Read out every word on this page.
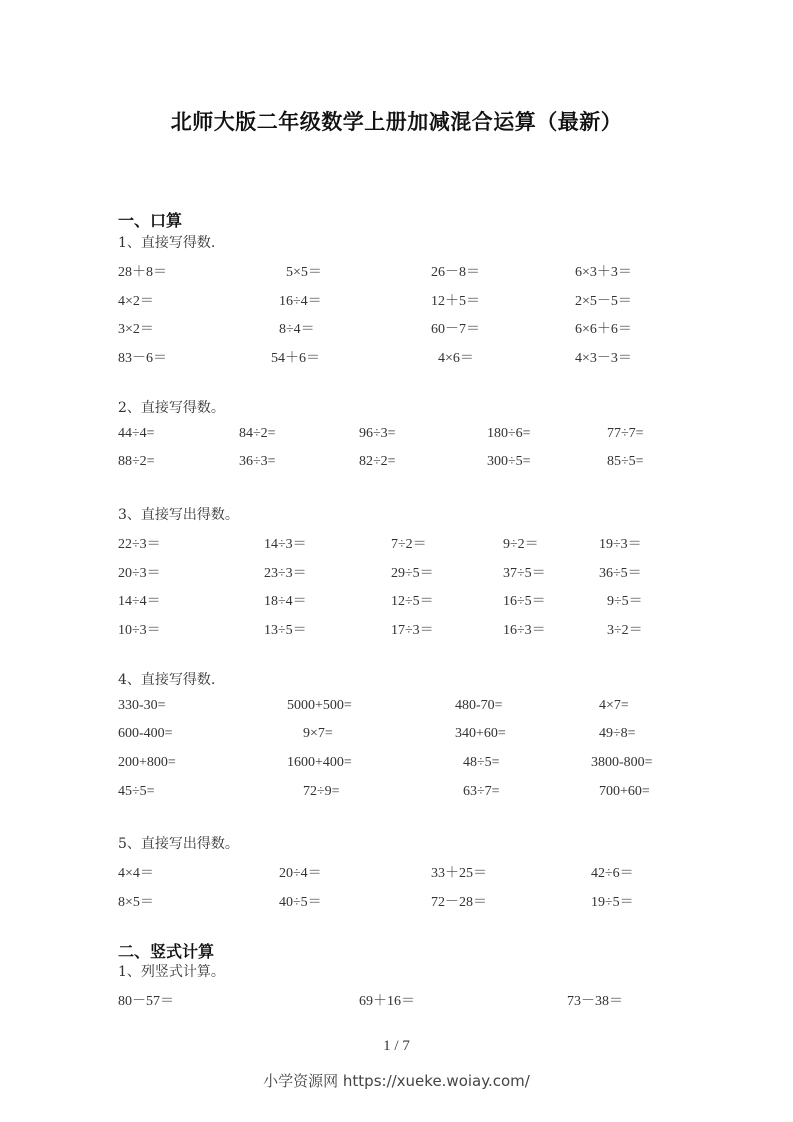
北师大版二年级数学上册加减混合运算（最新）
一、口算
1、直接写得数.
28＋8＝	5×5＝	26－8＝	6×3＋3＝
4×2＝	16÷4＝	12＋5＝	2×5－5＝
3×2＝	8÷4＝	60－7＝	6×6＋6＝
83－6＝	54＋6＝	4×6＝	4×3－3＝
2、直接写得数。
44÷4=	84÷2=	96÷3=	180÷6=	77÷7=
88÷2=	36÷3=	82÷2=	300÷5=	85÷5=
3、直接写出得数。
22÷3＝	14÷3＝	7÷2＝	9÷2＝	19÷3＝
20÷3＝	23÷3＝	29÷5＝	37÷5＝	36÷5＝
14÷4＝	18÷4＝	12÷5＝	16÷5＝	9÷5＝
10÷3＝	13÷5＝	17÷3＝	16÷3＝	3÷2＝
4、直接写得数.
330-30=	5000+500=	480-70=	4×7=
600-400=	9×7=	340+60=	49÷8=
200+800=	1600+400=	48÷5=	3800-800=
45÷5=	72÷9=	63÷7=	700+60=
5、直接写出得数。
4×4＝	20÷4＝	33＋25＝	42÷6＝
8×5＝	40÷5＝	72－28＝	19÷5＝
二、竖式计算
1、列竖式计算。
80－57＝	69＋16＝	73－38＝
1 / 7
小学资源网 https://xueke.woiay.com/
